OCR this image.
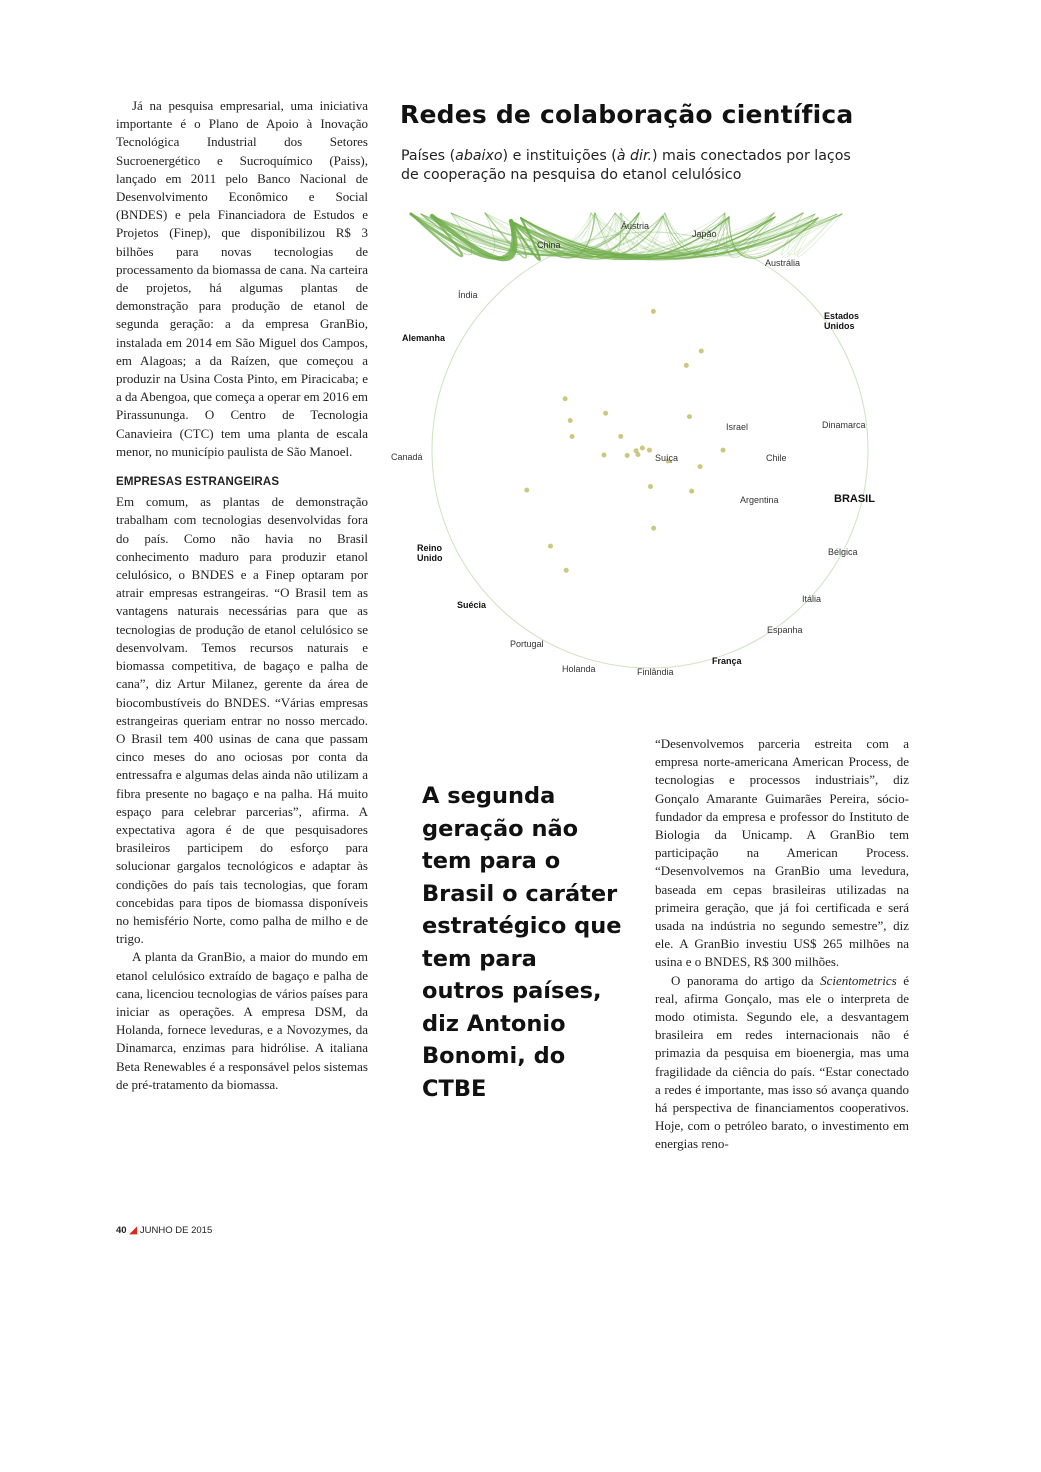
Já na pesquisa empresarial, uma iniciativa importante é o Plano de Apoio à Inovação Tecnológica Industrial dos Setores Sucroenergético e Sucroquímico (Paiss), lançado em 2011 pelo Banco Nacional de Desenvolvimento Econômico e Social (BNDES) e pela Financiadora de Estudos e Projetos (Finep), que disponibilizou R$ 3 bilhões para novas tecnologias de processamento da biomassa de cana. Na carteira de projetos, há algumas plantas de demonstração para produção de etanol de segunda geração: a da empresa GranBio, instalada em 2014 em São Miguel dos Campos, em Alagoas; a da Raízen, que começou a produzir na Usina Costa Pinto, em Piracicaba; e a da Abengoa, que começa a operar em 2016 em Pirassununga. O Centro de Tecnologia Canavieira (CTC) tem uma planta de escala menor, no município paulista de São Manoel.

EMPRESAS ESTRANGEIRAS

Em comum, as plantas de demonstração trabalham com tecnologias desenvolvidas fora do país. Como não havia no Brasil conhecimento maduro para produzir etanol celulósico, o BNDES e a Finep optaram por atrair empresas estrangeiras. “O Brasil tem as vantagens naturais necessárias para que as tecnologias de produção de etanol celulósico se desenvolvam. Temos recursos naturais e biomassa competitiva, de bagaço e palha de cana”, diz Artur Milanez, gerente da área de biocombustíveis do BNDES. “Várias empresas estrangeiras queriam entrar no nosso mercado. O Brasil tem 400 usinas de cana que passam cinco meses do ano ociosas por conta da entressafra e algumas delas ainda não utilizam a fibra presente no bagaço e na palha. Há muito espaço para celebrar parcerias”, afirma. A expectativa agora é de que pesquisadores brasileiros participem do esforço para solucionar gargalos tecnológicos e adaptar às condições do país tais tecnologias, que foram concebidas para tipos de biomassa disponíveis no hemisfério Norte, como palha de milho e de trigo.

A planta da GranBio, a maior do mundo em etanol celulósico extraído de bagaço e palha de cana, licenciou tecnologias de vários países para iniciar as operações. A empresa DSM, da Holanda, fornece leveduras, e a Novozymes, da Dinamarca, enzimas para hidrólise. A italiana Beta Renewables é a responsável pelos sistemas de pré-tratamento da biomassa.

Redes de colaboração científica

Países (abaixo) e instituições (à dir.) mais conectados por laços de cooperação na pesquisa do etanol celulósico

Áustria
Japão
China
Austrália
Índia
Estados Unidos
Alemanha
Israel	Dinamarca
Canadá	Suíça	Chile
Argentina	BRASIL
Reino Unido
Bélgica
Suécia
Itália
Espanha
Portugal
Holanda	Finlândia
França

A segunda geração não tem para o Brasil o caráter estratégico que tem para outros países, diz Antonio Bonomi, do CTBE

“Desenvolvemos parceria estreita com a empresa norte-americana American Process, de tecnologias e processos industriais”, diz Gonçalo Amarante Guimarães Pereira, sócio-fundador da empresa e professor do Instituto de Biologia da Unicamp. A GranBio tem participação na American Process. “Desenvolvemos na GranBio uma levedura, baseada em cepas brasileiras utilizadas na primeira geração, que já foi certificada e será usada na indústria no segundo semestre”, diz ele. A GranBio investiu US$ 265 milhões na usina e o BNDES, R$ 300 milhões.

O panorama do artigo da Scientometrics é real, afirma Gonçalo, mas ele o interpreta de modo otimista. Segundo ele, a desvantagem brasileira em redes internacionais não é primazia da pesquisa em bioenergia, mas uma fragilidade da ciência do país. “Estar conectado a redes é importante, mas isso só avança quando há perspectiva de financiamentos cooperativos. Hoje, com o petróleo barato, o investimento em energias reno-

40 ◢ JUNHO DE 2015
